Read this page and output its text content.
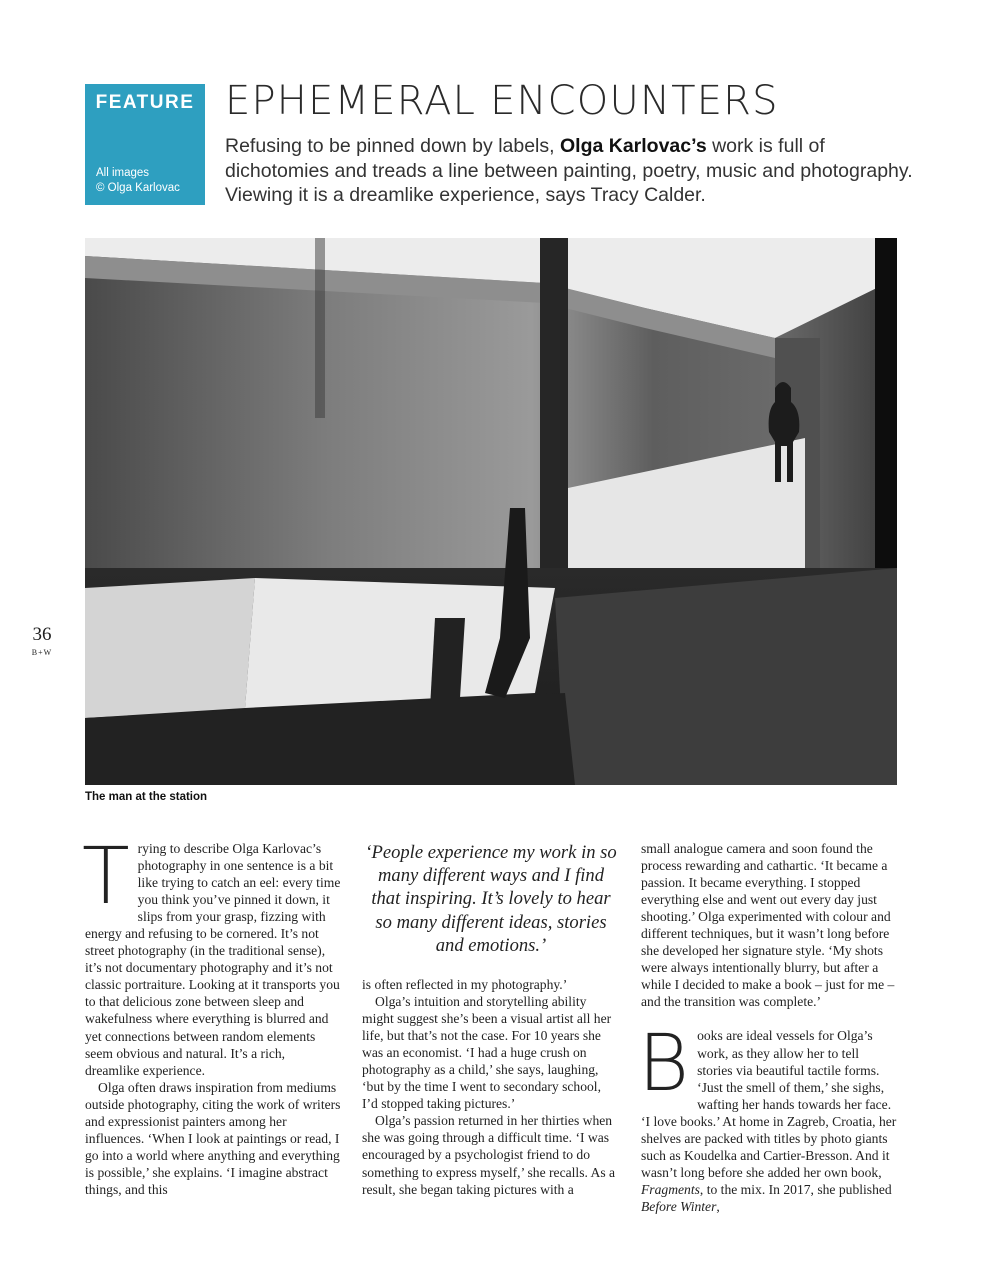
FEATURE
All images
© Olga Karlovac
EPHEMERAL ENCOUNTERS

Refusing to be pinned down by labels, Olga Karlovac’s work is full of dichotomies and treads a line between painting, poetry, music and photography. Viewing it is a dreamlike experience, says Tracy Calder.

The man at the station

36
B+W
T rying to describe Olga Karlovac’s photography in one sentence is a bit like trying to catch an eel: every time you think you’ve pinned it down, it slips from your grasp, fizzing with energy and refusing to be cornered. It’s not street photography (in the traditional sense), it’s not documentary photography and it’s not classic portraiture. Looking at it transports you to that delicious zone between sleep and wakefulness where everything is blurred and yet connections between random elements seem obvious and natural. It’s a rich, dreamlike experience.

Olga often draws inspiration from mediums outside photography, citing the work of writers and expressionist painters among her influences. ‘When I look at paintings or read, I go into a world where anything and everything is possible,’ she explains. ‘I imagine abstract things, and this

‘People experience my work in so many different ways and I find that inspiring. It’s lovely to hear so many different ideas, stories and emotions.’

is often reflected in my photography.’

Olga’s intuition and storytelling ability might suggest she’s been a visual artist all her life, but that’s not the case. For 10 years she was an economist. ‘I had a huge crush on photography as a child,’ she says, laughing, ‘but by the time I went to secondary school, I’d stopped taking pictures.’

Olga’s passion returned in her thirties when she was going through a difficult time. ‘I was encouraged by a psychologist friend to do something to express myself,’ she recalls. As a result, she began taking pictures with a

small analogue camera and soon found the process rewarding and cathartic. ‘It became a passion. It became everything. I stopped everything else and went out every day just shooting.’ Olga experimented with colour and different techniques, but it wasn’t long before she developed her signature style. ‘My shots were always intentionally blurry, but after a while I decided to make a book – just for me – and the transition was complete.’

Books are ideal vessels for Olga’s work, as they allow her to tell stories via beautiful tactile forms. ‘Just the smell of them,’ she sighs, wafting her hands towards her face. ‘I love books.’ At home in Zagreb, Croatia, her shelves are packed with titles by photo giants such as Koudelka and Cartier-Bresson. And it wasn’t long before she added her own book, Fragments, to the mix. In 2017, she published Before Winter,
